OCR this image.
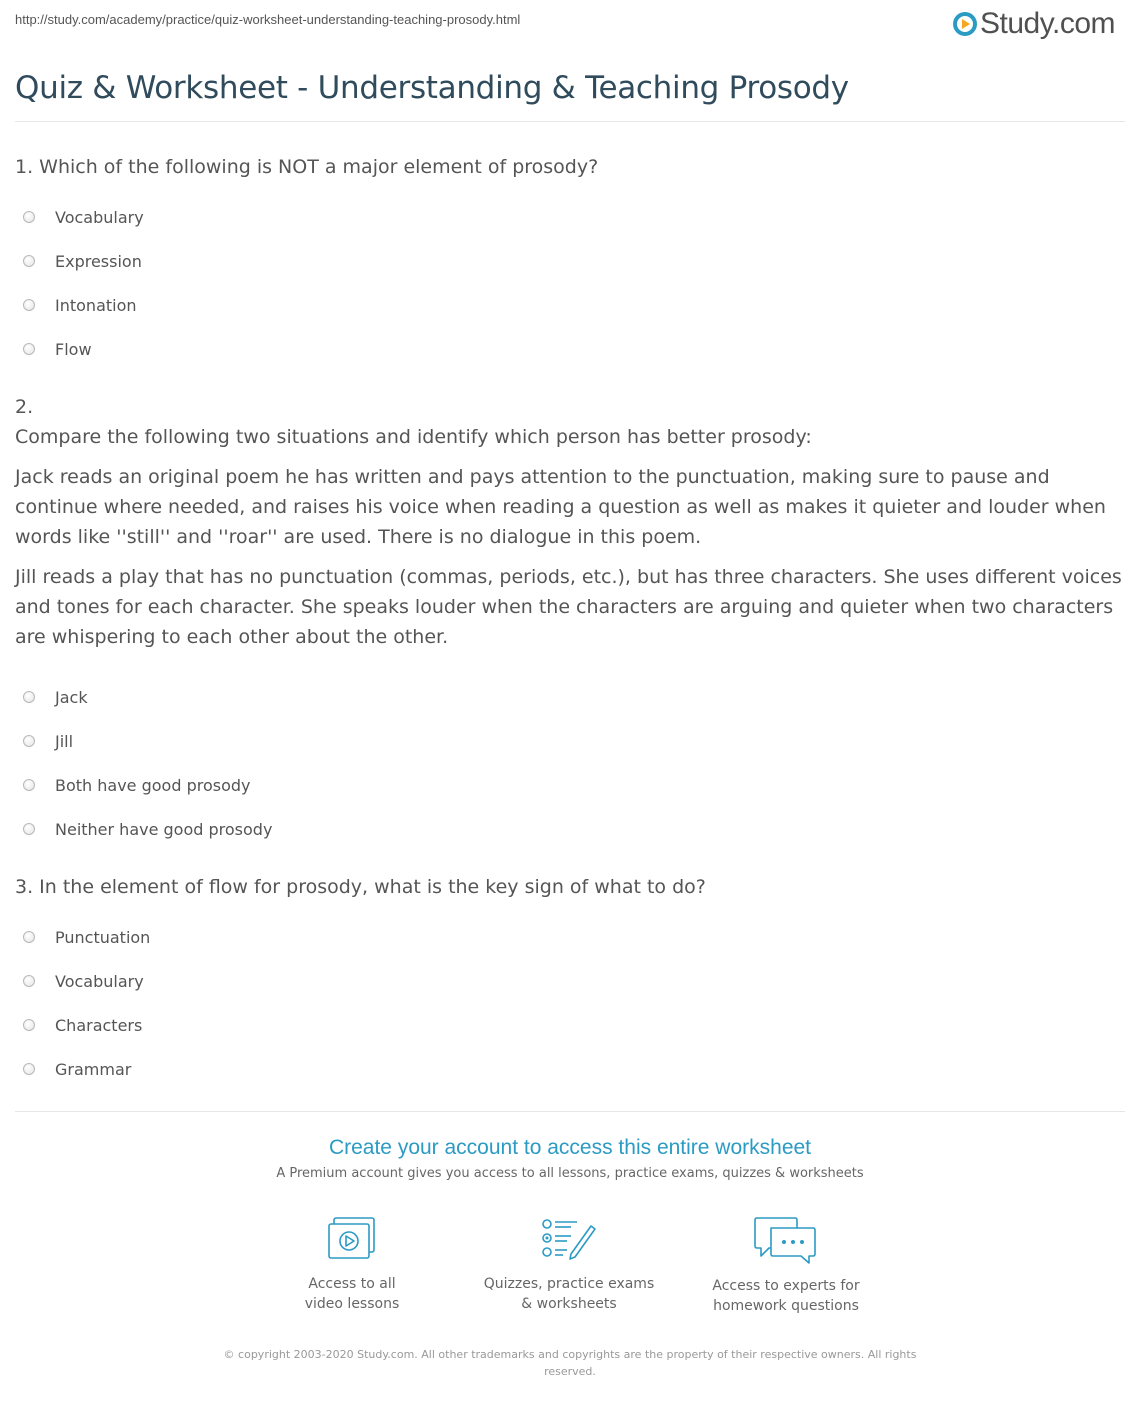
http://study.com/academy/practice/quiz-worksheet-understanding-teaching-prosody.html	Study.com
Quiz & Worksheet - Understanding & Teaching Prosody
1. Which of the following is NOT a major element of prosody?
Vocabulary
Expression
Intonation
Flow
2.
Compare the following two situations and identify which person has better prosody:
Jack reads an original poem he has written and pays attention to the punctuation, making sure to pause and continue where needed, and raises his voice when reading a question as well as makes it quieter and louder when words like ''still'' and ''roar'' are used. There is no dialogue in this poem.
Jill reads a play that has no punctuation (commas, periods, etc.), but has three characters. She uses different voices and tones for each character. She speaks louder when the characters are arguing and quieter when two characters are whispering to each other about the other.
Jack
Jill
Both have good prosody
Neither have good prosody
3. In the element of flow for prosody, what is the key sign of what to do?
Punctuation
Vocabulary
Characters
Grammar
Create your account to access this entire worksheet
A Premium account gives you access to all lessons, practice exams, quizzes & worksheets
Access to all
video lessons
Quizzes, practice exams
& worksheets
Access to experts for
homework questions
© copyright 2003-2020 Study.com. All other trademarks and copyrights are the property of their respective owners. All rights reserved.
